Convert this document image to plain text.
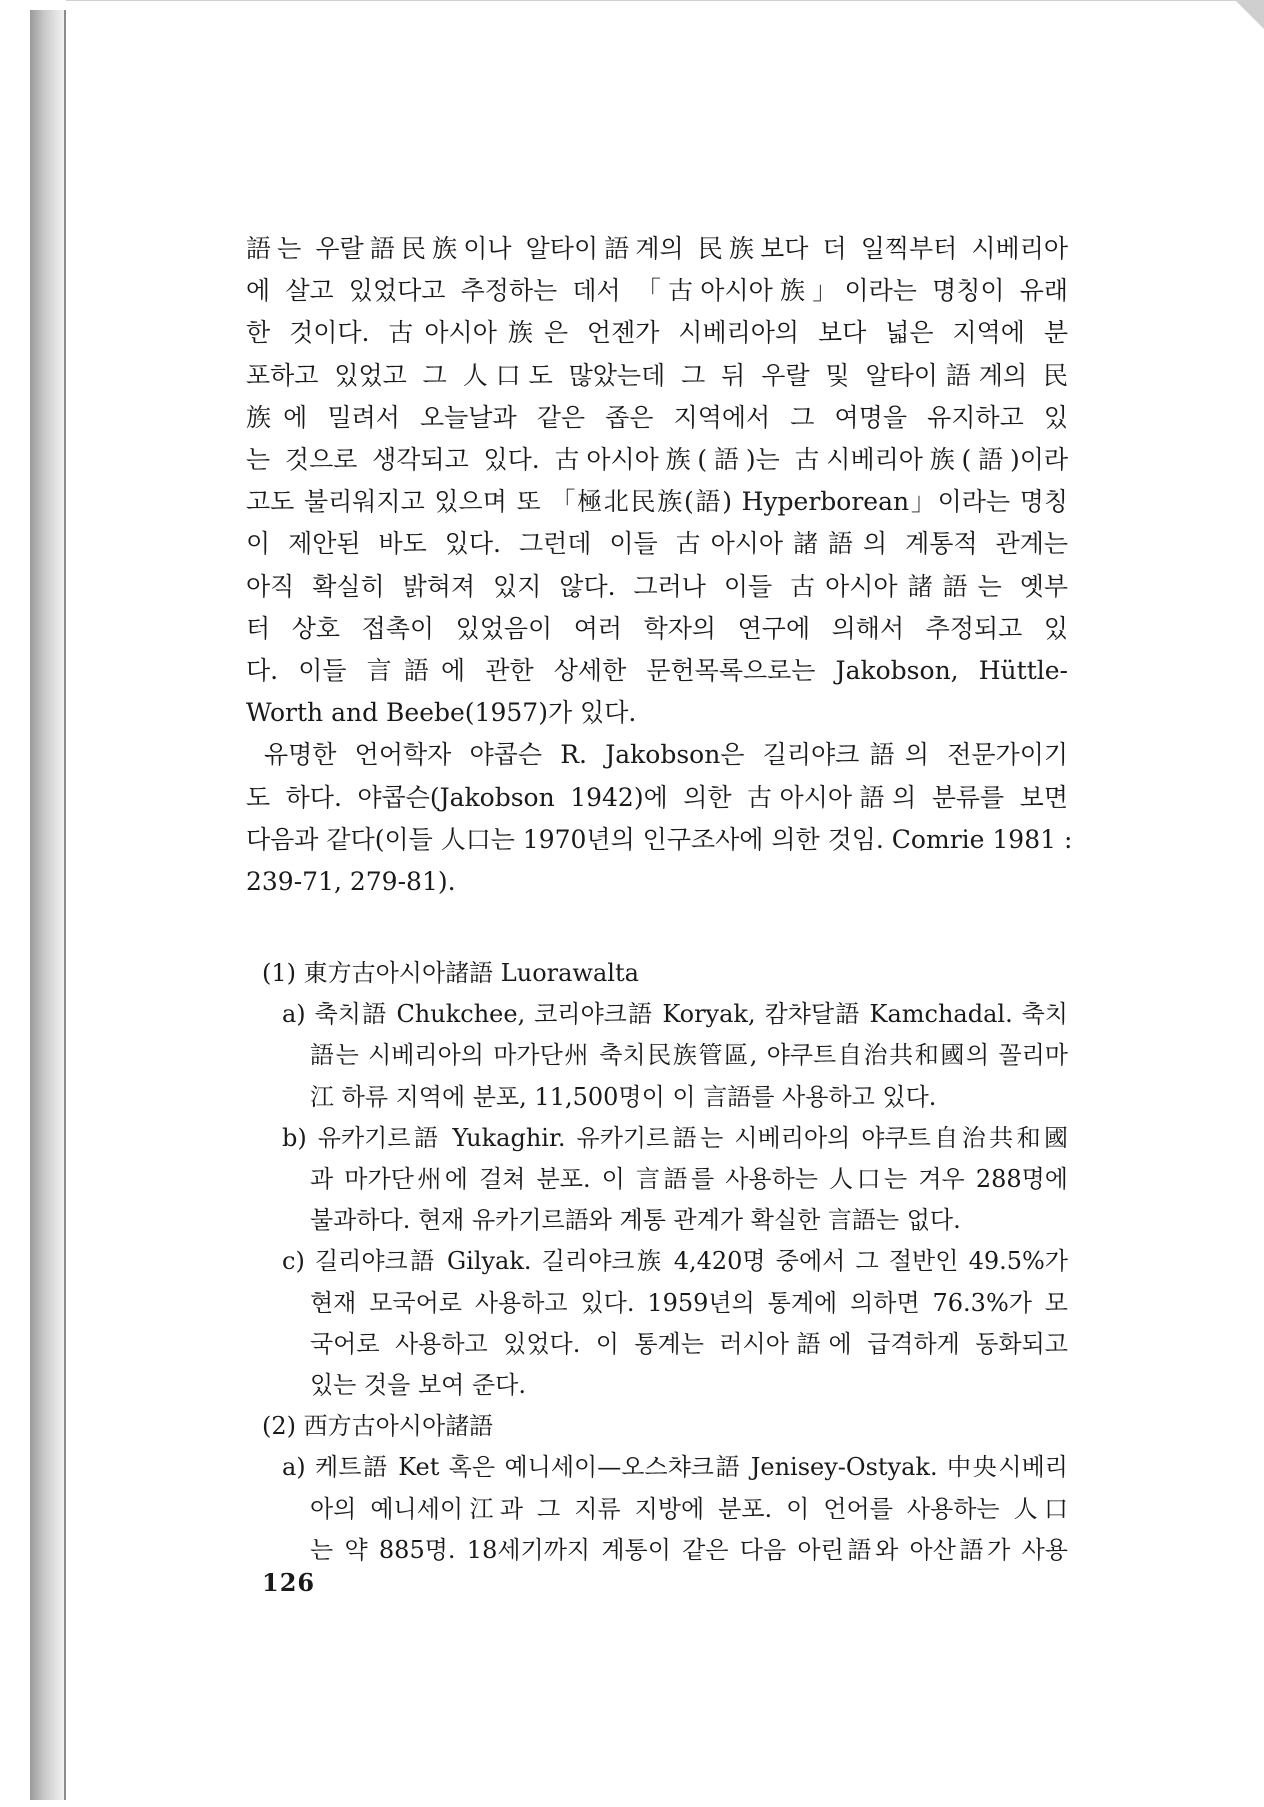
語는 우랄語民族이나 알타이語계의 民族보다 더 일찍부터 시베리아
에 살고 있었다고 추정하는 데서 「古아시아族」이라는 명칭이 유래
한 것이다. 古아시아族은 언젠가 시베리아의 보다 넓은 지역에 분
포하고 있었고 그 人口도 많았는데 그 뒤 우랄 및 알타이語계의 民
族에 밀려서 오늘날과 같은 좁은 지역에서 그 여명을 유지하고 있
는 것으로 생각되고 있다. 古아시아族(語)는 古시베리아族(語)이라
고도 불리워지고 있으며 또 「極北民族(語) Hyperborean」이라는 명칭
이 제안된 바도 있다. 그런데 이들 古아시아諸語의 계통적 관계는
아직 확실히 밝혀져 있지 않다. 그러나 이들 古아시아諸語는 옛부
터 상호 접촉이 있었음이 여러 학자의 연구에 의해서 추정되고 있
다. 이들 言語에 관한 상세한 문헌목록으로는 Jakobson, Hüttle-
Worth and Beebe(1957)가 있다.
유명한 언어학자 야콥슨 R. Jakobson은 길리야크語의 전문가이기
도 하다. 야콥슨(Jakobson 1942)에 의한 古아시아語의 분류를 보면
다음과 같다(이들 人口는 1970년의 인구조사에 의한 것임. Comrie 1981 :
239-71, 279-81).
(1) 東方古아시아諸語 Luorawalta
a) 축치語 Chukchee, 코리야크語 Koryak, 캄챠달語 Kamchadal. 축치
語는 시베리아의 마가단州 축치民族管區, 야쿠트自治共和國의 꼴리마
江 하류 지역에 분포, 11,500명이 이 言語를 사용하고 있다.
b) 유카기르語 Yukaghir. 유카기르語는 시베리아의 야쿠트自治共和國
과 마가단州에 걸쳐 분포. 이 言語를 사용하는 人口는 겨우 288명에
불과하다. 현재 유카기르語와 계통 관계가 확실한 言語는 없다.
c) 길리야크語 Gilyak. 길리야크族 4,420명 중에서 그 절반인 49.5%가
현재 모국어로 사용하고 있다. 1959년의 통계에 의하면 76.3%가 모
국어로 사용하고 있었다. 이 통계는 러시아語에 급격하게 동화되고
있는 것을 보여 준다.
(2) 西方古아시아諸語
a) 케트語 Ket 혹은 예니세이—오스챠크語 Jenisey-Ostyak. 中央시베리
아의 예니세이江과 그 지류 지방에 분포. 이 언어를 사용하는 人口
는 약 885명. 18세기까지 계통이 같은 다음 아린語와 아산語가 사용
126
